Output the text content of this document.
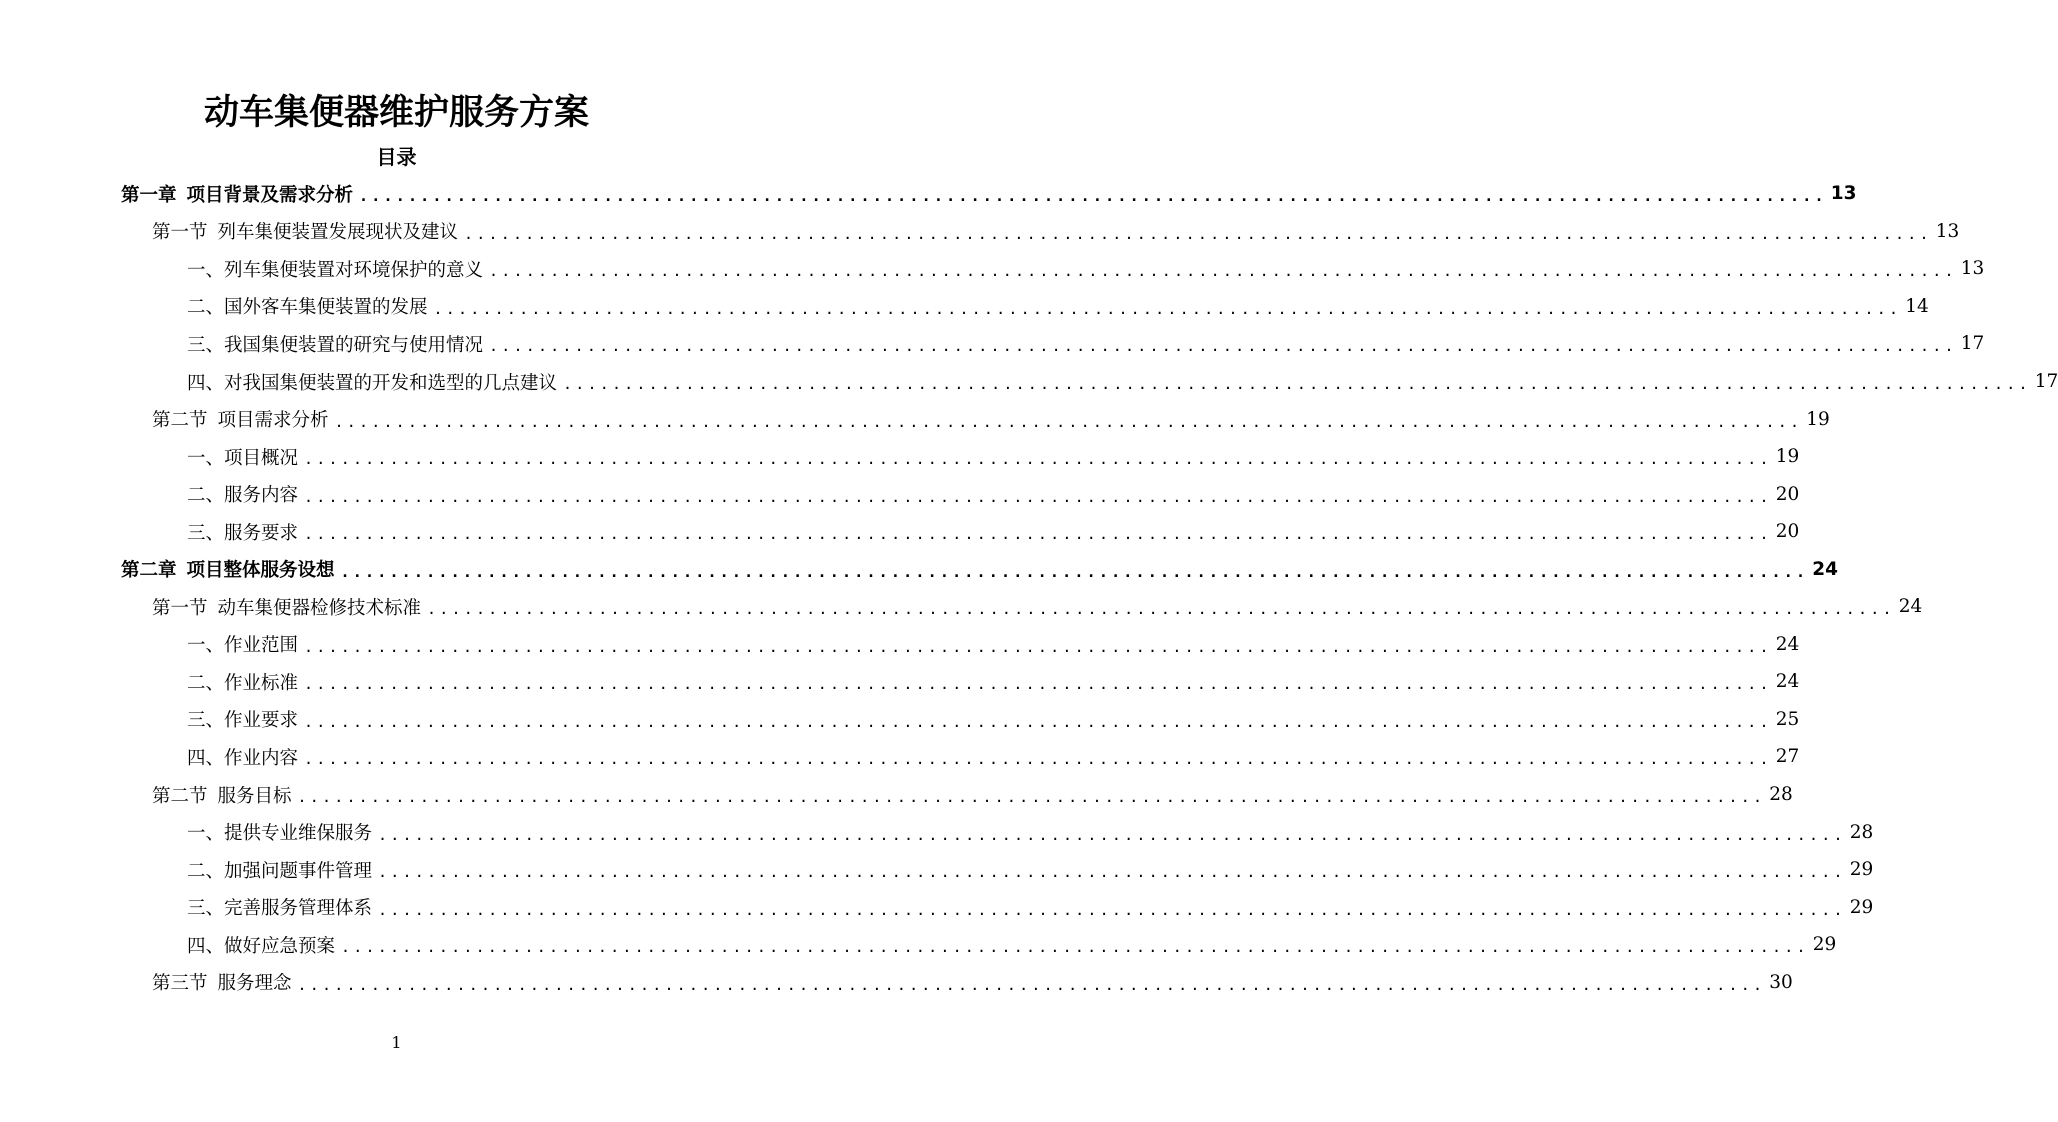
动车集便器维护服务方案
目录
第一章 项目背景及需求分析 ........................................................................................................................ 13
第一节 列车集便装置发展现状及建议 ........................................................................................................................ 13
一、列车集便装置对环境保护的意义 ........................................................................................................................ 13
二、国外客车集便装置的发展 ........................................................................................................................ 14
三、我国集便装置的研究与使用情况 ........................................................................................................................ 17
四、对我国集便装置的开发和选型的几点建议 ........................................................................................................................ 17
第二节 项目需求分析 ........................................................................................................................ 19
一、项目概况 ........................................................................................................................ 19
二、服务内容 ........................................................................................................................ 20
三、服务要求 ........................................................................................................................ 20
第二章 项目整体服务设想 ........................................................................................................................ 24
第一节 动车集便器检修技术标准 ........................................................................................................................ 24
一、作业范围 ........................................................................................................................ 24
二、作业标准 ........................................................................................................................ 24
三、作业要求 ........................................................................................................................ 25
四、作业内容 ........................................................................................................................ 27
第二节 服务目标 ........................................................................................................................ 28
一、提供专业维保服务 ........................................................................................................................ 28
二、加强问题事件管理 ........................................................................................................................ 29
三、完善服务管理体系 ........................................................................................................................ 29
四、做好应急预案 ........................................................................................................................ 29
第三节 服务理念 ........................................................................................................................ 30
1
